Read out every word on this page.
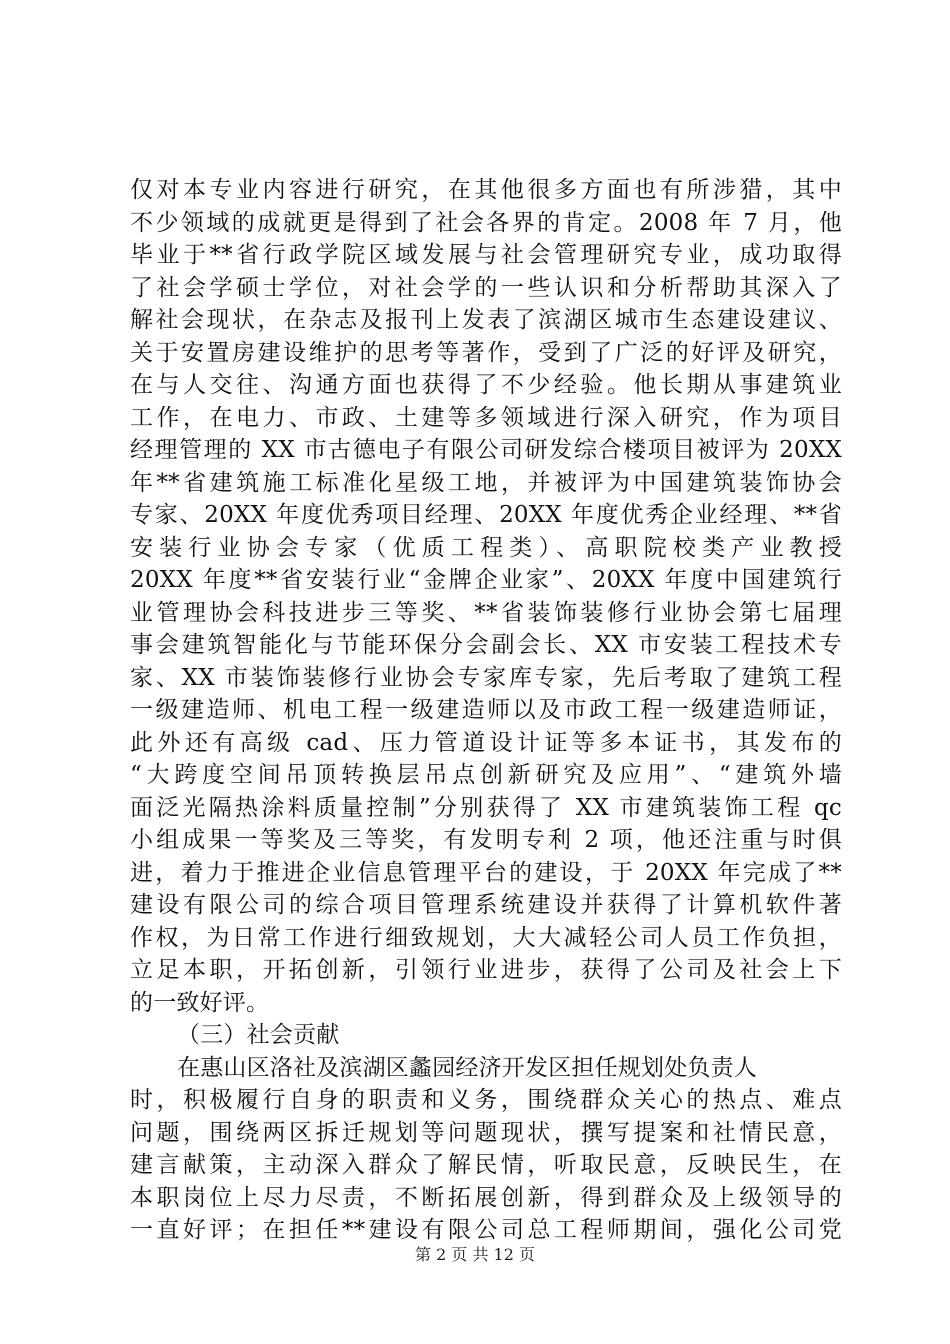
仅对本专业内容进行研究，在其他很多方面也有所涉猎，其中
不少领域的成就更是得到了社会各界的肯定。2008 年 7 月，他
毕业于**省行政学院区域发展与社会管理研究专业，成功取得
了社会学硕士学位，对社会学的一些认识和分析帮助其深入了
解社会现状，在杂志及报刊上发表了滨湖区城市生态建设建议、
关于安置房建设维护的思考等著作，受到了广泛的好评及研究，
在与人交往、沟通方面也获得了不少经验。他长期从事建筑业
工作，在电力、市政、土建等多领域进行深入研究，作为项目
经理管理的 XX 市古德电子有限公司研发综合楼项目被评为 20XX
年**省建筑施工标准化星级工地，并被评为中国建筑装饰协会
专家、20XX 年度优秀项目经理、20XX 年度优秀企业经理、**省
安装行业协会专家（优质工程类）、高职院校类产业教授
20XX 年度**省安装行业“金牌企业家”、20XX 年度中国建筑行
业管理协会科技进步三等奖、**省装饰装修行业协会第七届理
事会建筑智能化与节能环保分会副会长、XX 市安装工程技术专
家、XX 市装饰装修行业协会专家库专家，先后考取了建筑工程
一级建造师、机电工程一级建造师以及市政工程一级建造师证，
此外还有高级 cad、压力管道设计证等多本证书，其发布的
“大跨度空间吊顶转换层吊点创新研究及应用”、“建筑外墙
面泛光隔热涂料质量控制”分别获得了 XX 市建筑装饰工程 qc
小组成果一等奖及三等奖，有发明专利 2 项，他还注重与时俱
进，着力于推进企业信息管理平台的建设，于 20XX 年完成了**
建设有限公司的综合项目管理系统建设并获得了计算机软件著
作权，为日常工作进行细致规划，大大减轻公司人员工作负担，
立足本职，开拓创新，引领行业进步，获得了公司及社会上下
的一致好评。
（三）社会贡献
在惠山区洛社及滨湖区蠡园经济开发区担任规划处负责人
时，积极履行自身的职责和义务，围绕群众关心的热点、难点
问题，围绕两区拆迁规划等问题现状，撰写提案和社情民意，
建言献策，主动深入群众了解民情，听取民意，反映民生，在
本职岗位上尽力尽责，不断拓展创新，得到群众及上级领导的
一直好评；在担任**建设有限公司总工程师期间，强化公司党
第 2 页 共 12 页
